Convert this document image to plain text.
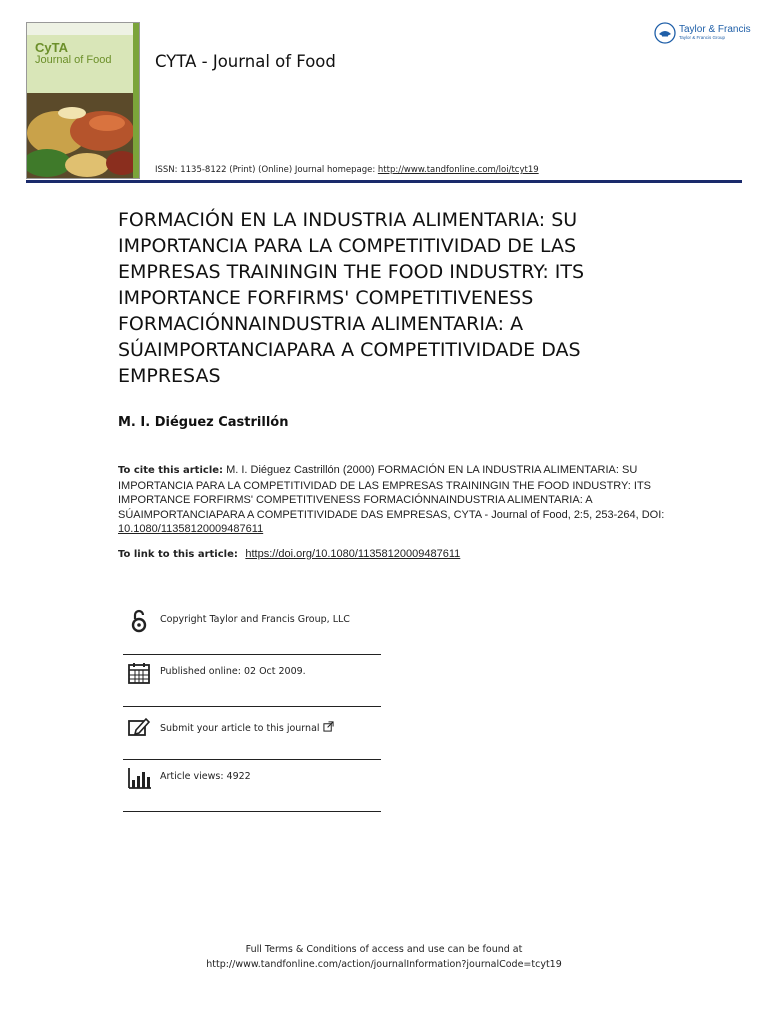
CyTA
Journal of Food	CYTA - Journal of Food
ISSN: 1135-8122 (Print) (Online) Journal homepage: http://www.tandfonline.com/loi/tcyt19
Taylor & Francis
Taylor & Francis Group
FORMACIÓN EN LA INDUSTRIA ALIMENTARIA: SU IMPORTANCIA PARA LA COMPETITIVIDAD DE LAS EMPRESAS TRAININGIN THE FOOD INDUSTRY: ITS IMPORTANCE FORFIRMS' COMPETITIVENESS FORMACIÓNNAINDUSTRIA ALIMENTARIA: A SÚAIMPORTANCIAPARA A COMPETITIVIDADE DAS EMPRESAS
M. I. Diéguez Castrillón
To cite this article: M. I. Diéguez Castrillón (2000) FORMACIÓN EN LA INDUSTRIA ALIMENTARIA: SU IMPORTANCIA PARA LA COMPETITIVIDAD DE LAS EMPRESAS TRAININGIN THE FOOD INDUSTRY: ITS IMPORTANCE FORFIRMS' COMPETITIVENESS FORMACIÓNNAINDUSTRIA ALIMENTARIA: A SÚAIMPORTANCIAPARA A COMPETITIVIDADE DAS EMPRESAS, CYTA - Journal of Food, 2:5, 253-264, DOI: 10.1080/11358120009487611
To link to this article: https://doi.org/10.1080/11358120009487611
Copyright Taylor and Francis Group, LLC
Published online: 02 Oct 2009.
Submit your article to this journal
Article views: 4922
Full Terms & Conditions of access and use can be found at
http://www.tandfonline.com/action/journalInformation?journalCode=tcyt19
